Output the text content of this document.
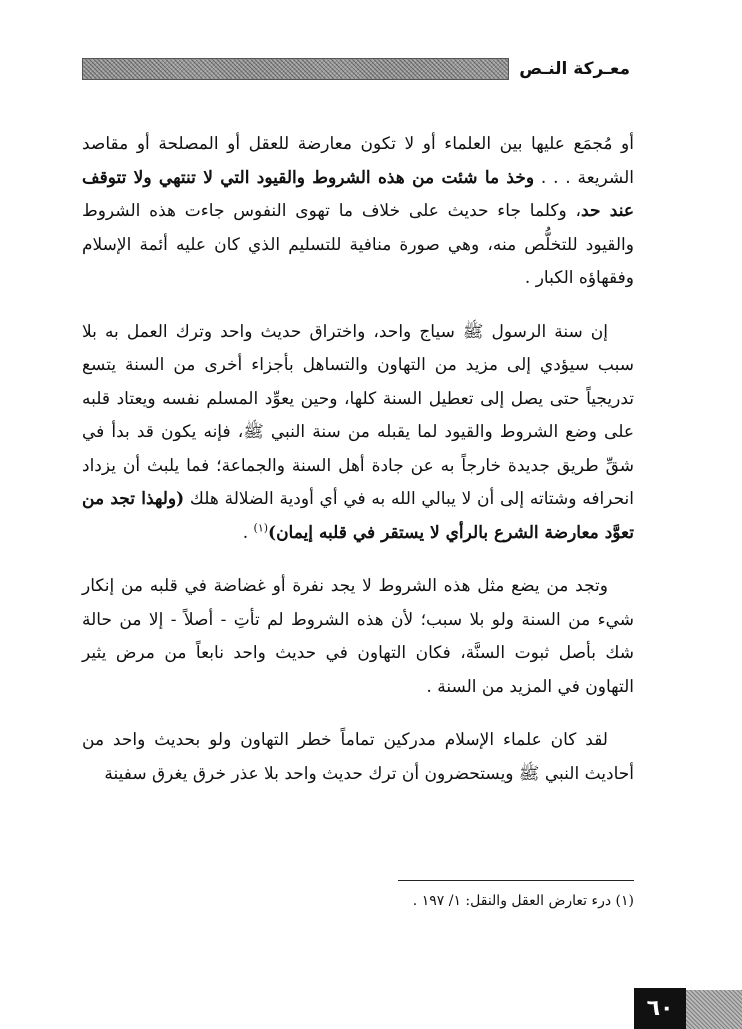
معـركة النـص

أو مُجمَع عليها بين العلماء أو لا تكون معارضة للعقل أو المصلحة أو مقاصد الشريعة . . . وخذ ما شئت من هذه الشروط والقيود التي لا تنتهي ولا تتوقف عند حد، وكلما جاء حديث على خلاف ما تهوى النفوس جاءت هذه الشروط والقيود للتخلُّص منه، وهي صورة منافية للتسليم الذي كان عليه أئمة الإسلام وفقهاؤه الكبار .

إن سنة الرسول ﷺ سياج واحد، واختراق حديث واحد وترك العمل به بلا سبب سيؤدي إلى مزيد من التهاون والتساهل بأجزاء أخرى من السنة يتسع تدريجياً حتى يصل إلى تعطيل السنة كلها، وحين يعوِّد المسلم نفسه ويعتاد قلبه على وضع الشروط والقيود لما يقبله من سنة النبي ﷺ، فإنه يكون قد بدأ في شقِّ طريق جديدة خارجاً به عن جادة أهل السنة والجماعة؛ فما يلبث أن يزداد انحرافه وشتاته إلى أن لا يبالي الله به في أي أودية الضلالة هلك (ولهذا تجد من تعوَّد معارضة الشرع بالرأي لا يستقر في قلبه إيمان)$^{(١)}$ .

وتجد من يضع مثل هذه الشروط لا يجد نفرة أو غضاضة في قلبه من إنكار شيء من السنة ولو بلا سبب؛ لأن هذه الشروط لم تأتِ - أصلاً - إلا من حالة شك بأصل ثبوت السنَّة، فكان التهاون في حديث واحد نابعاً من مرض يثير التهاون في المزيد من السنة .

لقد كان علماء الإسلام مدركين تماماً خطر التهاون ولو بحديث واحد من أحاديث النبي ﷺ ويستحضرون أن ترك حديث واحد بلا عذر خرق يغرق سفينة

(١) درء تعارض العقل والنقل: ١/ ١٩٧ .
٦٠
